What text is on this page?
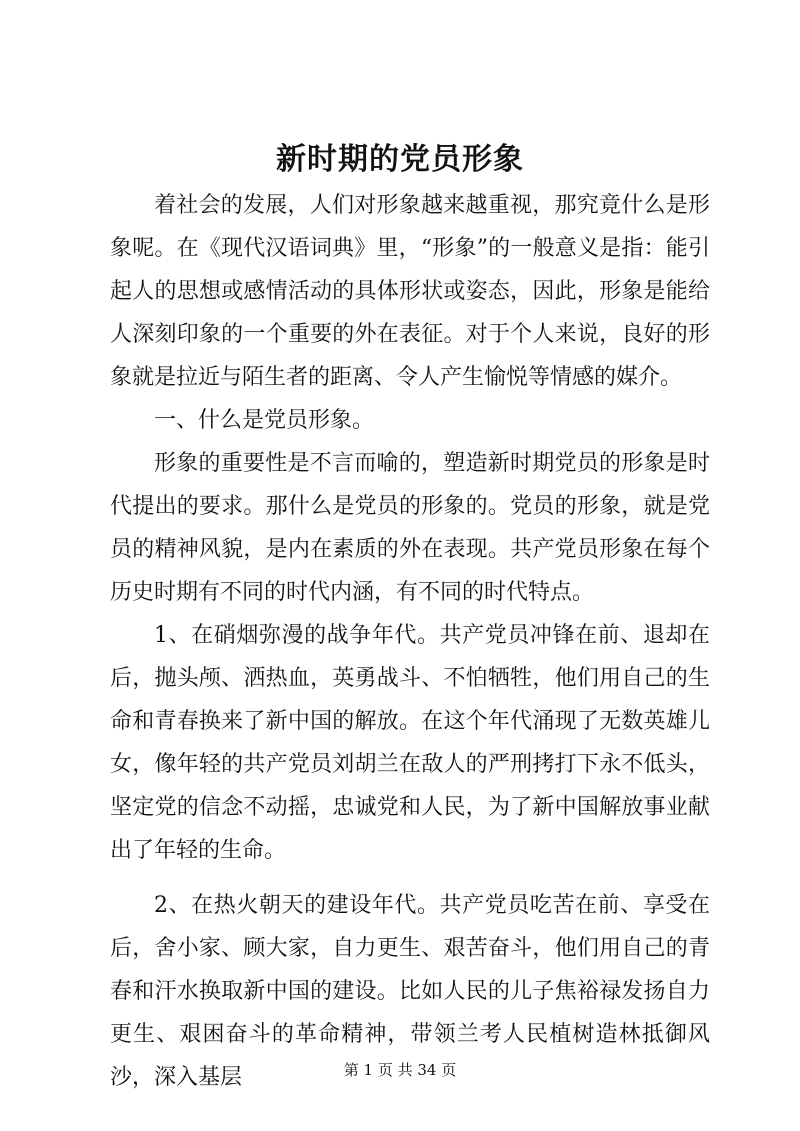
新时期的党员形象

着社会的发展，人们对形象越来越重视，那究竟什么是形象呢。在《现代汉语词典》里，“形象”的一般意义是指：能引起人的思想或感情活动的具体形状或姿态，因此，形象是能给人深刻印象的一个重要的外在表征。对于个人来说，良好的形象就是拉近与陌生者的距离、令人产生愉悦等情感的媒介。

一、什么是党员形象。

形象的重要性是不言而喻的，塑造新时期党员的形象是时代提出的要求。那什么是党员的形象的。党员的形象，就是党员的精神风貌，是内在素质的外在表现。共产党员形象在每个历史时期有不同的时代内涵，有不同的时代特点。

1、在硝烟弥漫的战争年代。共产党员冲锋在前、退却在后，抛头颅、洒热血，英勇战斗、不怕牺牲，他们用自己的生命和青春换来了新中国的解放。在这个年代涌现了无数英雄儿女，像年轻的共产党员刘胡兰在敌人的严刑拷打下永不低头，坚定党的信念不动摇，忠诚党和人民，为了新中国解放事业献出了年轻的生命。

2、在热火朝天的建设年代。共产党员吃苦在前、享受在后，舍小家、顾大家，自力更生、艰苦奋斗，他们用自己的青春和汗水换取新中国的建设。比如人民的儿子焦裕禄发扬自力更生、艰困奋斗的革命精神，带领兰考人民植树造林抵御风沙，深入基层	第 1 页 共 34 页
